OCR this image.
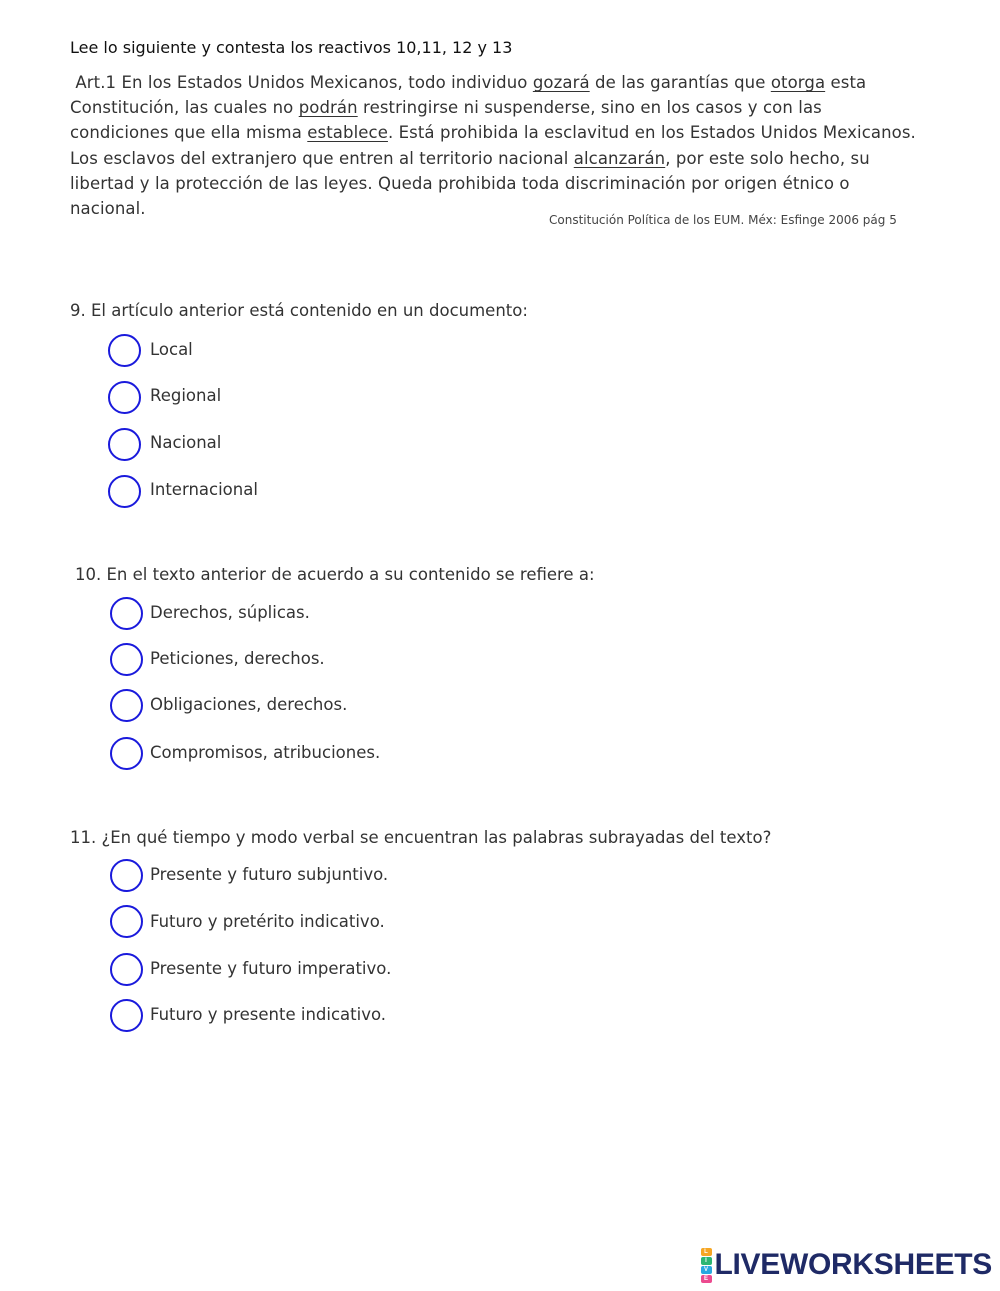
Lee lo siguiente y contesta los reactivos 10,11, 12 y 13
Art.1 En los Estados Unidos Mexicanos, todo individuo gozará de las garantías que otorga esta
Constitución, las cuales no podrán restringirse ni suspenderse, sino en los casos y con las
condiciones que ella misma establece. Está prohibida la esclavitud en los Estados Unidos Mexicanos.
Los esclavos del extranjero que entren al territorio nacional alcanzarán, por este solo hecho, su
libertad y la protección de las leyes. Queda prohibida toda discriminación por origen étnico o
nacional.
Constitución Política de los EUM. Méx: Esfinge 2006 pág 5
9. El artículo anterior está contenido en un documento:
Local
Regional
Nacional
Internacional
10. En el texto anterior de acuerdo a su contenido se refiere a:
Derechos, súplicas.
Peticiones, derechos.
Obligaciones, derechos.
Compromisos, atribuciones.
11. ¿En qué tiempo y modo verbal se encuentran las palabras subrayadas del texto?
Presente y futuro subjuntivo.
Futuro y pretérito indicativo.
Presente y futuro imperativo.
Futuro y presente indicativo.
L
I
V
E LIVEWORKSHEETS
